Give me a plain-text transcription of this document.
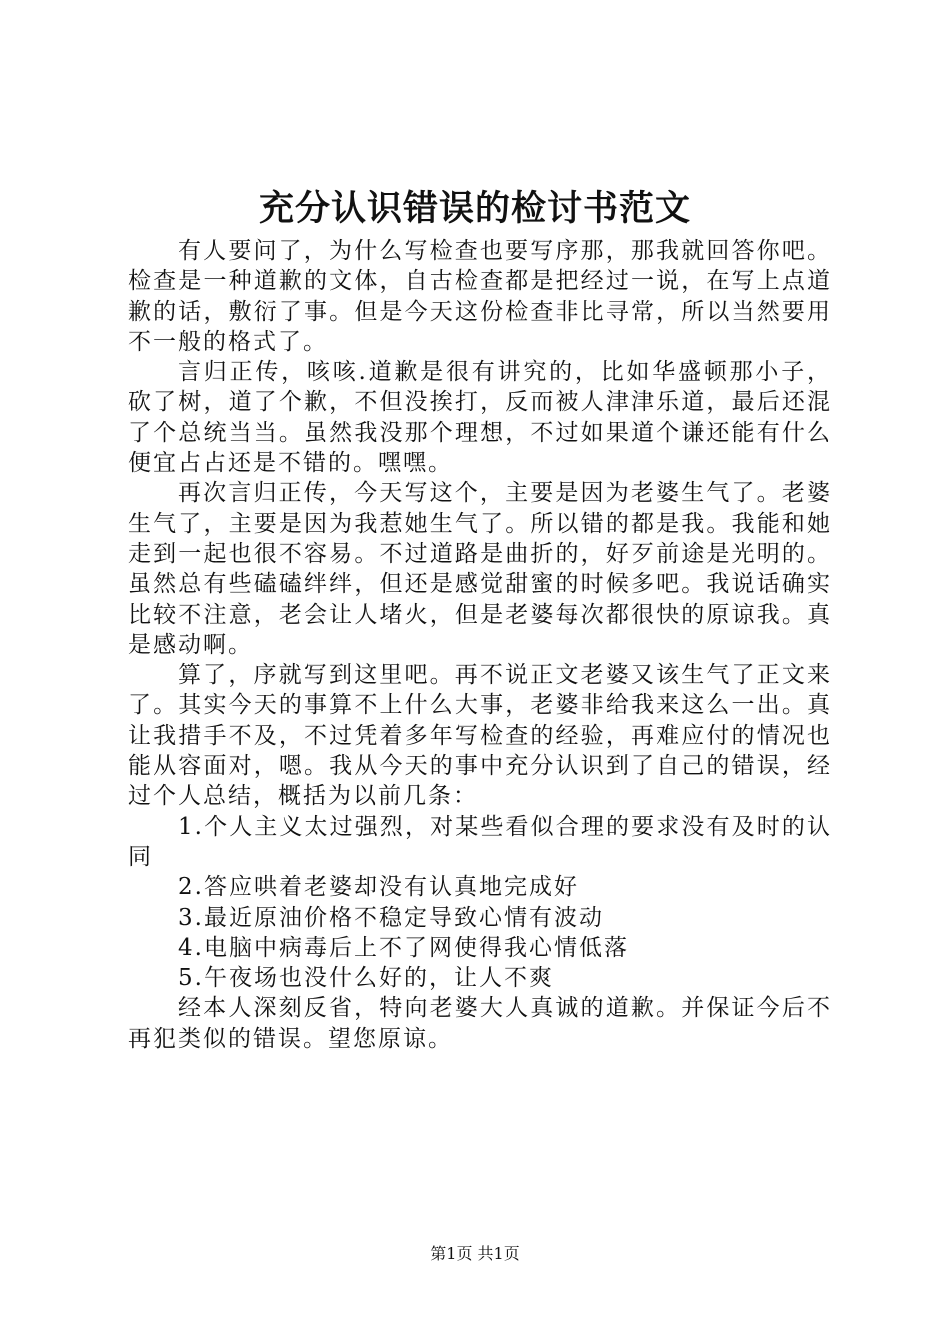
充分认识错误的检讨书范文

有人要问了，为什么写检查也要写序那，那我就回答你吧。检查是一种道歉的文体，自古检查都是把经过一说，在写上点道歉的话，敷衍了事。但是今天这份检查非比寻常，所以当然要用不一般的格式了。

言归正传，咳咳.道歉是很有讲究的，比如华盛顿那小子，砍了树，道了个歉，不但没挨打，反而被人津津乐道，最后还混了个总统当当。虽然我没那个理想，不过如果道个谦还能有什么便宜占占还是不错的。嘿嘿。

再次言归正传，今天写这个，主要是因为老婆生气了。老婆生气了，主要是因为我惹她生气了。所以错的都是我。我能和她走到一起也很不容易。不过道路是曲折的，好歹前途是光明的。虽然总有些磕磕绊绊，但还是感觉甜蜜的时候多吧。我说话确实比较不注意，老会让人堵火，但是老婆每次都很快的原谅我。真是感动啊。

算了，序就写到这里吧。再不说正文老婆又该生气了正文来了。其实今天的事算不上什么大事，老婆非给我来这么一出。真让我措手不及，不过凭着多年写检查的经验，再难应付的情况也能从容面对，嗯。我从今天的事中充分认识到了自己的错误，经过个人总结，概括为以前几条：

1.个人主义太过强烈，对某些看似合理的要求没有及时的认同

2.答应哄着老婆却没有认真地完成好

3.最近原油价格不稳定导致心情有波动

4.电脑中病毒后上不了网使得我心情低落

5.午夜场也没什么好的，让人不爽

经本人深刻反省，特向老婆大人真诚的道歉。并保证今后不再犯类似的错误。望您原谅。

第1页 共1页
